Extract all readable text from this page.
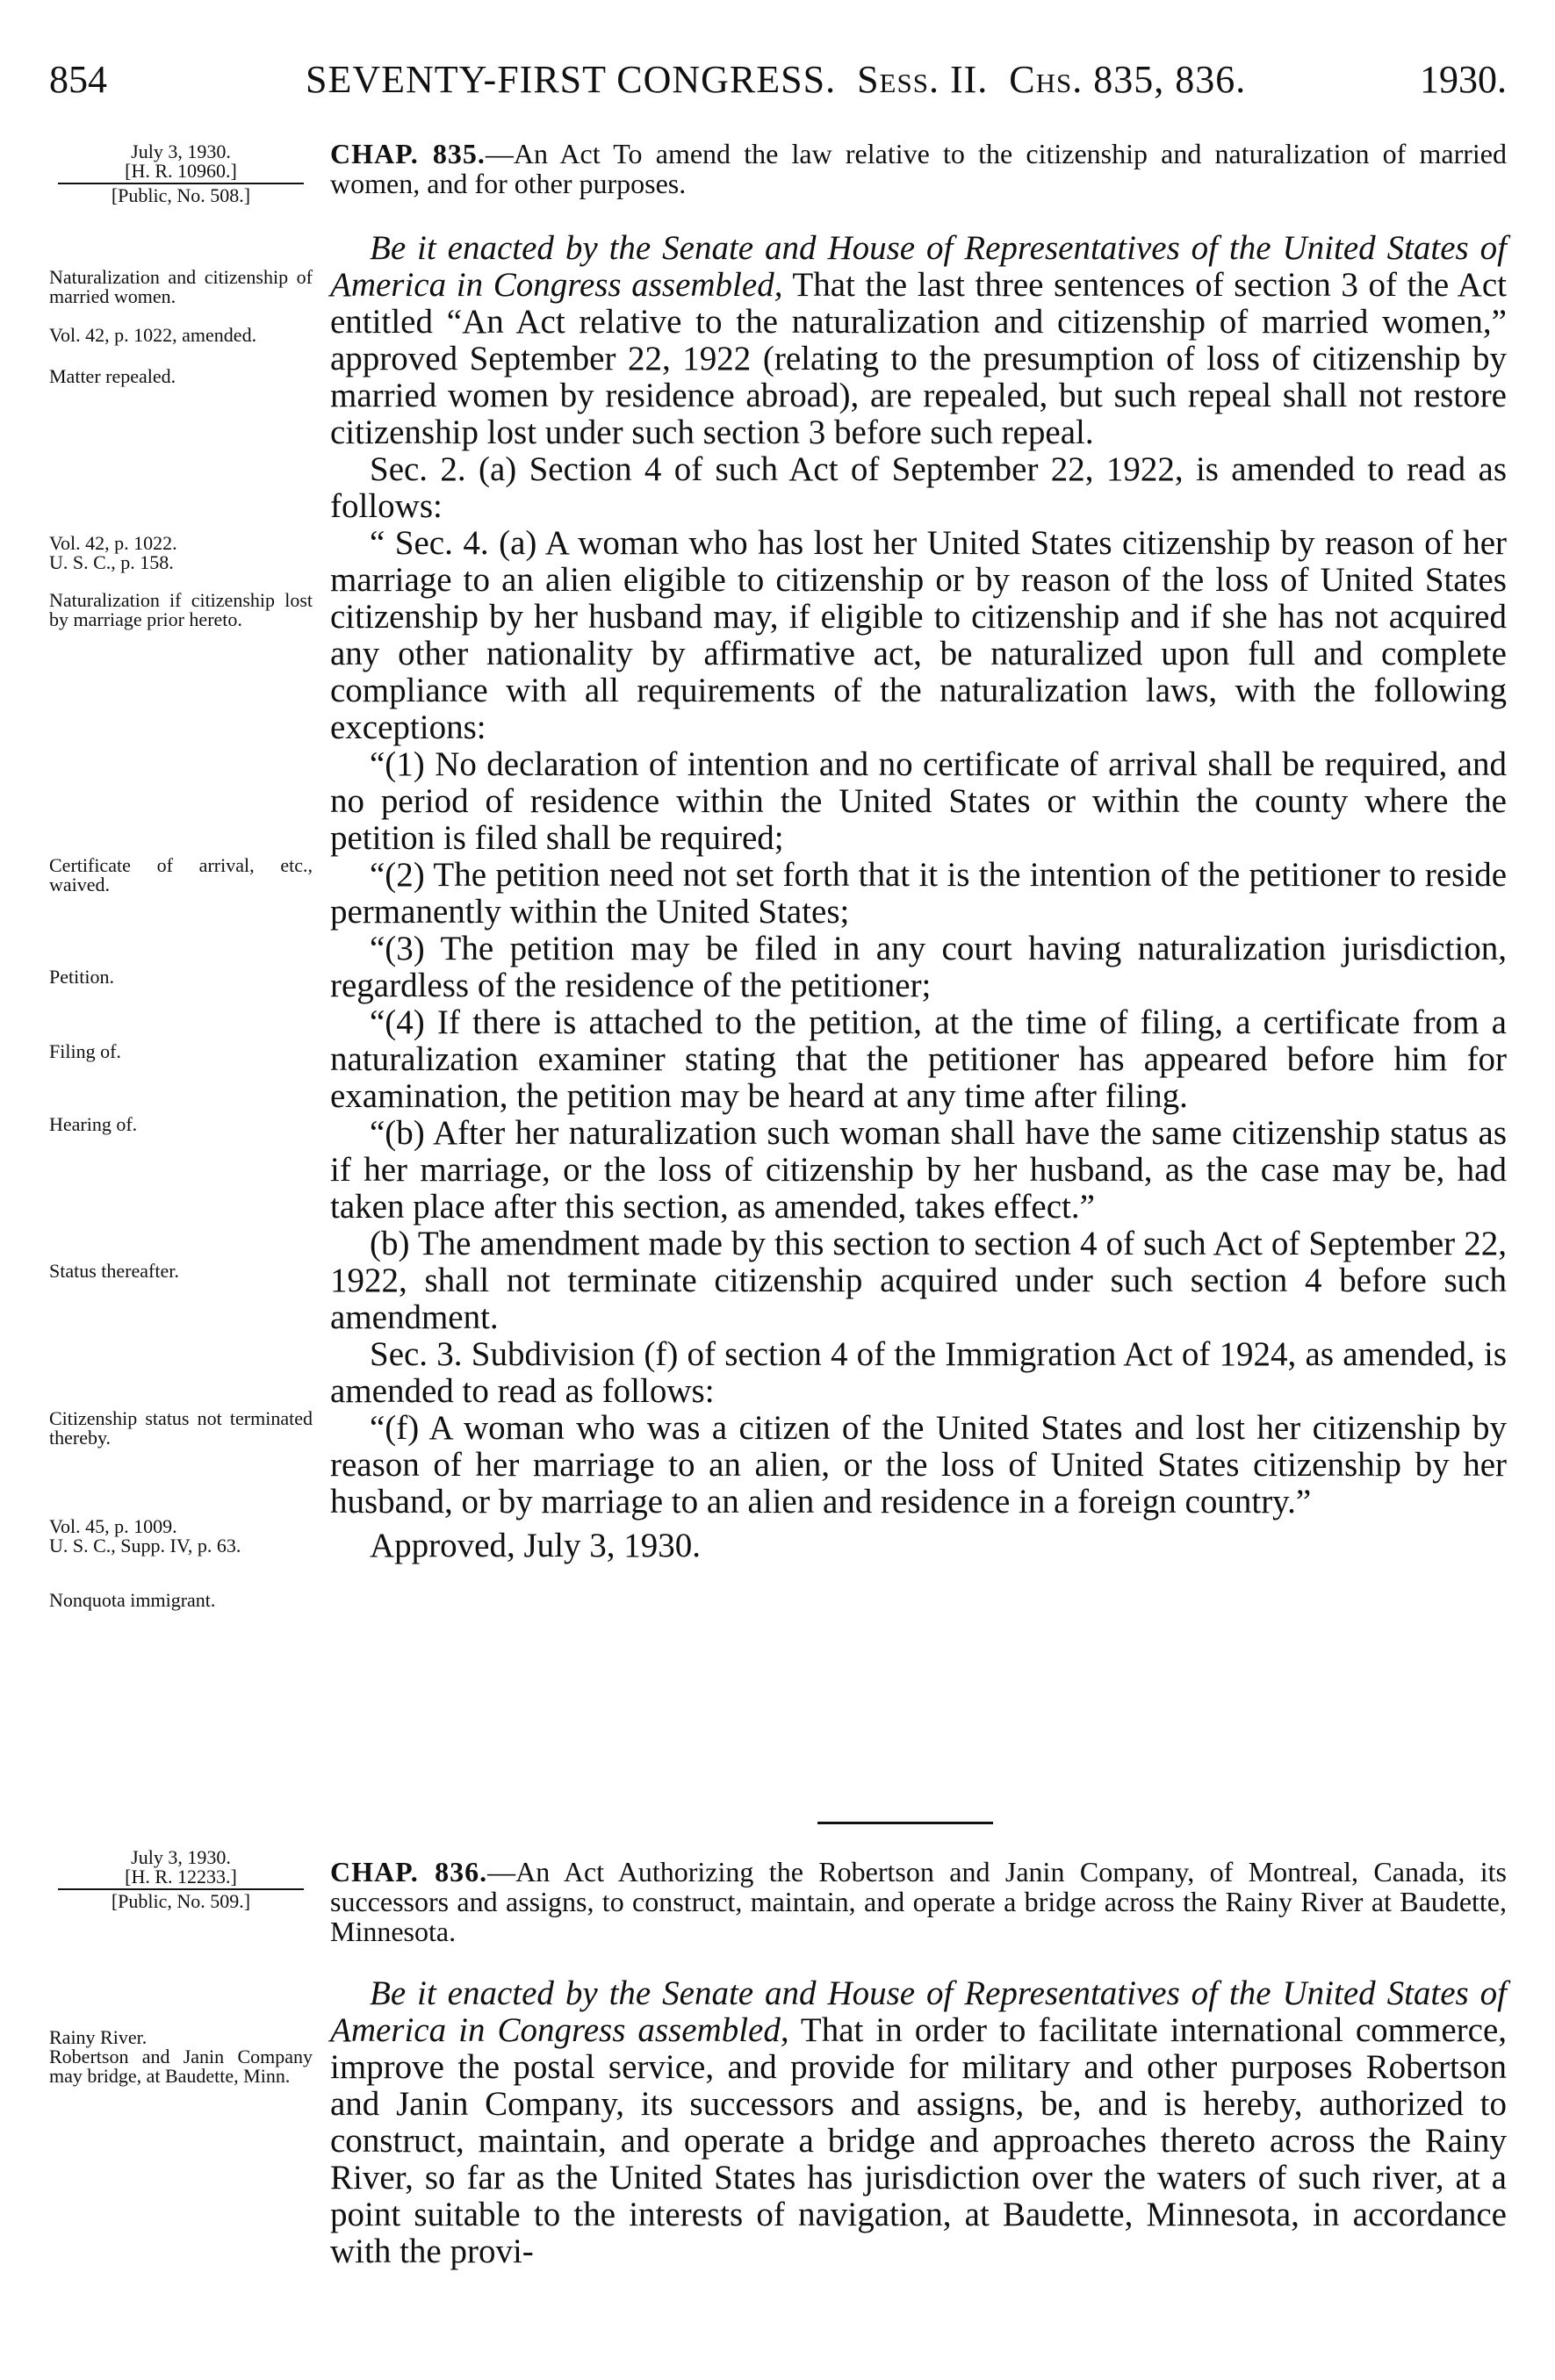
854	SEVENTY-FIRST CONGRESS. Sess. II. Chs. 835, 836.	1930.
July 3, 1930.
[H. R. 10960.]
[Public, No. 508.]
CHAP. 835.—An Act To amend the law relative to the citizenship and naturalization of married women, and for other purposes.
Naturalization and citizenship of married women.
Vol. 42, p. 1022, amended.
Matter repealed.
Vol. 42, p. 1022.
U. S. C., p. 158.
Naturalization if citizenship lost by marriage prior hereto.
Certificate of arrival, etc., waived.
Petition.
Filing of.
Hearing of.
Status thereafter.
Citizenship status not terminated thereby.
Vol. 45, p. 1009.
U. S. C., Supp. IV, p. 63.
Nonquota immigrant.

Be it enacted by the Senate and House of Representatives of the United States of America in Congress assembled, That the last three sentences of section 3 of the Act entitled “An Act relative to the naturalization and citizenship of married women,” approved September 22, 1922 (relating to the presumption of loss of citizenship by married women by residence abroad), are repealed, but such repeal shall not restore citizenship lost under such section 3 before such repeal.

Sec. 2. (a) Section 4 of such Act of September 22, 1922, is amended to read as follows:

“ Sec. 4. (a) A woman who has lost her United States citizenship by reason of her marriage to an alien eligible to citizenship or by reason of the loss of United States citizenship by her husband may, if eligible to citizenship and if she has not acquired any other nationality by affirmative act, be naturalized upon full and complete compliance with all requirements of the naturalization laws, with the following exceptions:

“(1) No declaration of intention and no certificate of arrival shall be required, and no period of residence within the United States or within the county where the petition is filed shall be required;

“(2) The petition need not set forth that it is the intention of the petitioner to reside permanently within the United States;

“(3) The petition may be filed in any court having naturalization jurisdiction, regardless of the residence of the petitioner;

“(4) If there is attached to the petition, at the time of filing, a certificate from a naturalization examiner stating that the petitioner has appeared before him for examination, the petition may be heard at any time after filing.

“(b) After her naturalization such woman shall have the same citizenship status as if her marriage, or the loss of citizenship by her husband, as the case may be, had taken place after this section, as amended, takes effect.”

(b) The amendment made by this section to section 4 of such Act of September 22, 1922, shall not terminate citizenship acquired under such section 4 before such amendment.

Sec. 3. Subdivision (f) of section 4 of the Immigration Act of 1924, as amended, is amended to read as follows:

“(f) A woman who was a citizen of the United States and lost her citizenship by reason of her marriage to an alien, or the loss of United States citizenship by her husband, or by marriage to an alien and residence in a foreign country.”

Approved, July 3, 1930.

July 3, 1930.
[H. R. 12233.]
[Public, No. 509.]
CHAP. 836.—An Act Authorizing the Robertson and Janin Company, of Montreal, Canada, its successors and assigns, to construct, maintain, and operate a bridge across the Rainy River at Baudette, Minnesota.
Rainy River.
Robertson and Janin Company may bridge, at Baudette, Minn.

Be it enacted by the Senate and House of Representatives of the United States of America in Congress assembled, That in order to facilitate international commerce, improve the postal service, and provide for military and other purposes Robertson and Janin Company, its successors and assigns, be, and is hereby, authorized to construct, maintain, and operate a bridge and approaches thereto across the Rainy River, so far as the United States has jurisdiction over the waters of such river, at a point suitable to the interests of navigation, at Baudette, Minnesota, in accordance with the provi-
